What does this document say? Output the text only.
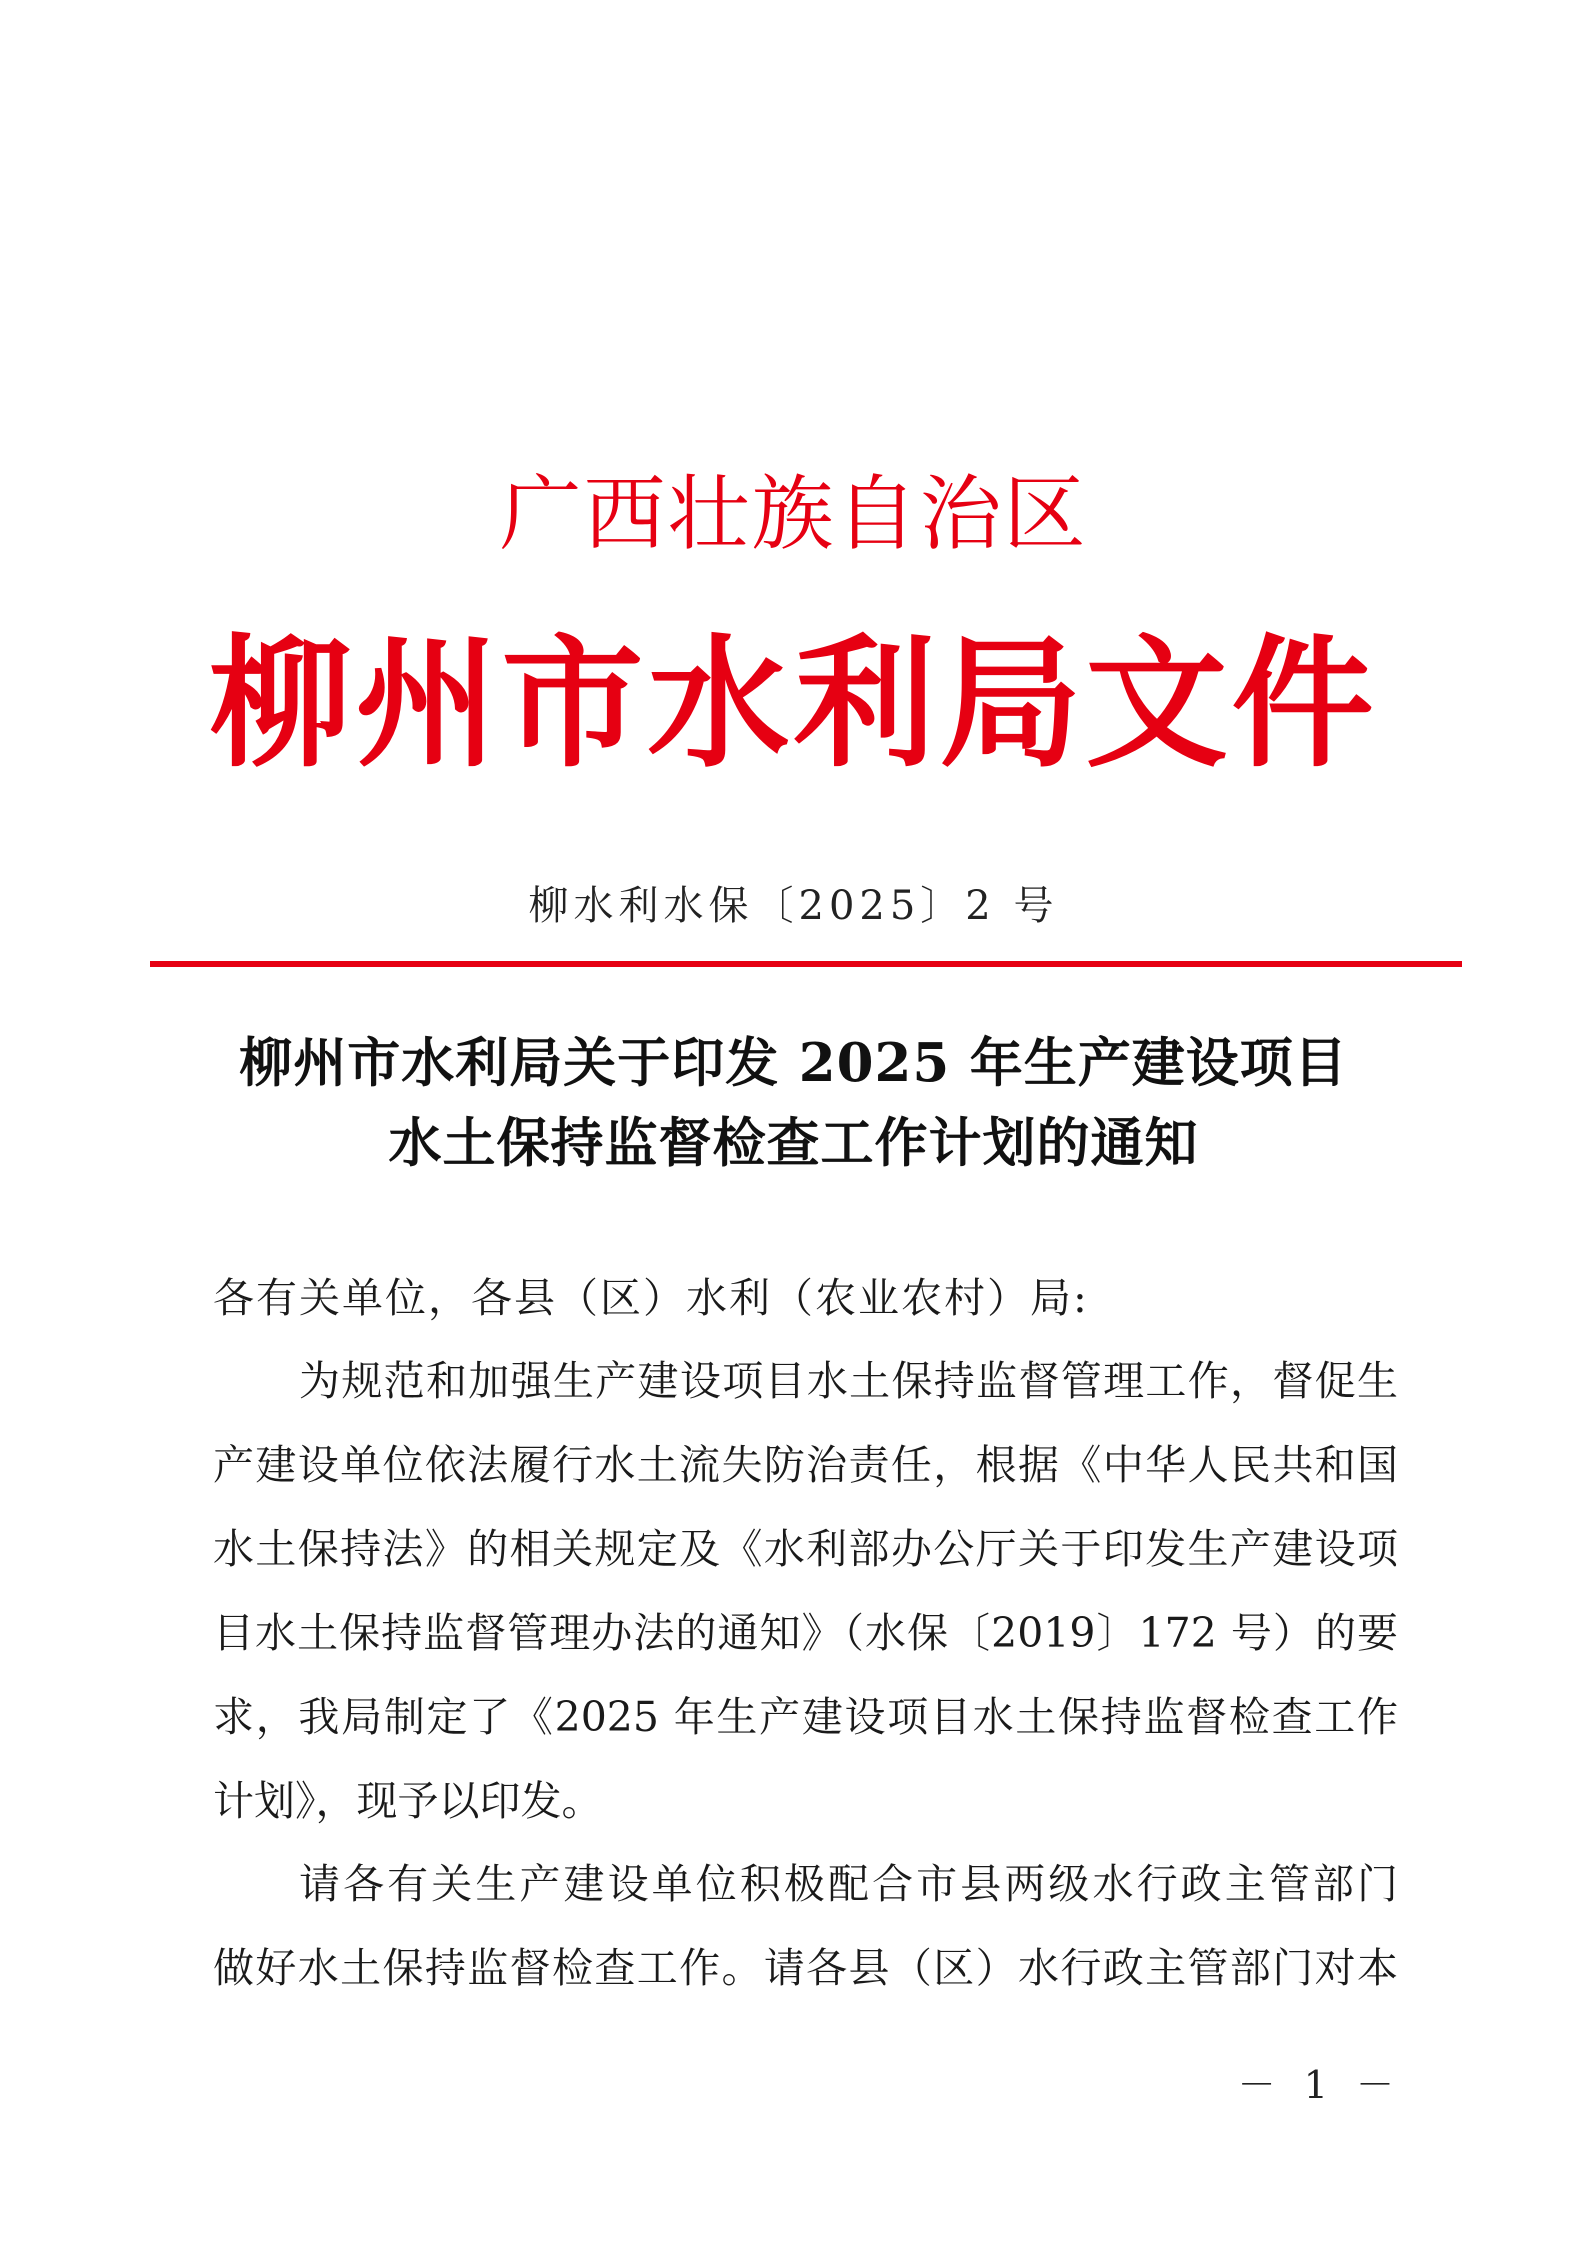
广西壮族自治区
柳州市水利局文件
柳水利水保〔2025〕2 号
柳州市水利局关于印发 2025 年生产建设项目
水土保持监督检查工作计划的通知
各有关单位，各县（区）水利（农业农村）局:
为规范和加强生产建设项目水土保持监督管理工作，督促生
产建设单位依法履行水土流失防治责任，根据《中华人民共和国
水土保持法》的相关规定及《水利部办公厅关于印发生产建设项
目水土保持监督管理办法的通知》（水保〔2019〕172 号）的要
求，我局制定了《2025 年生产建设项目水土保持监督检查工作
计划》，现予以印发。
请各有关生产建设单位积极配合市县两级水行政主管部门
做好水土保持监督检查工作。请各县（区）水行政主管部门对本
－ 1 －
